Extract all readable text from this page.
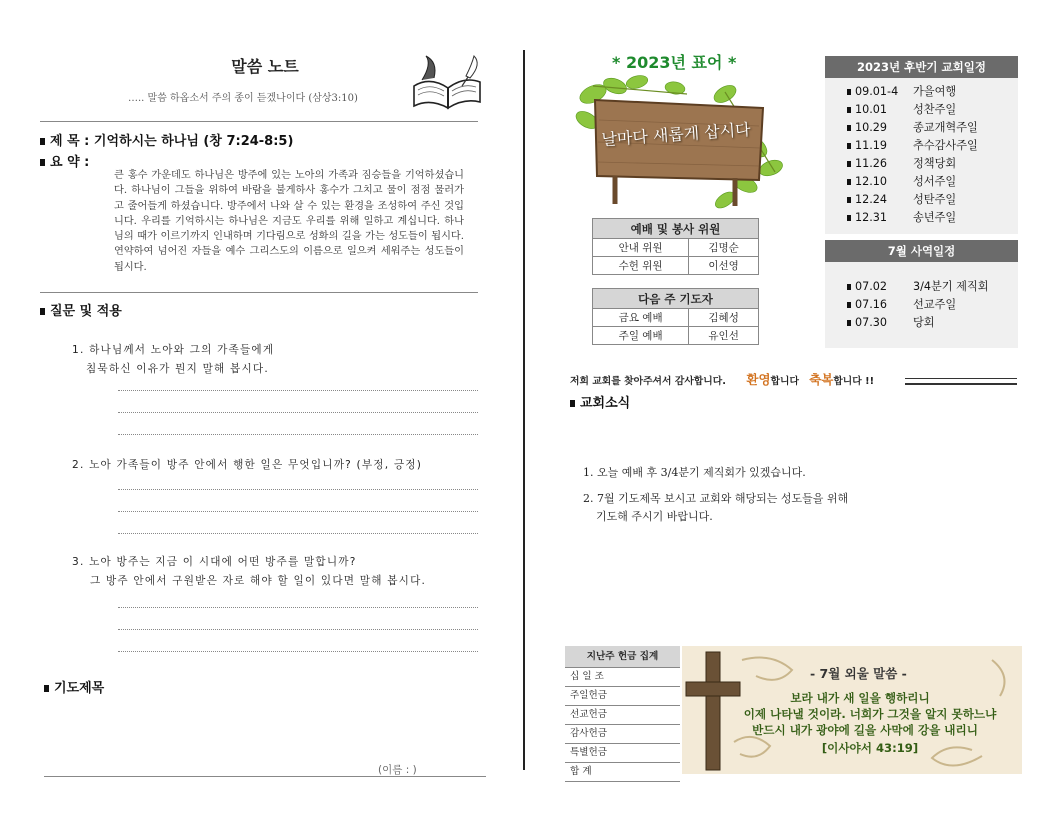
말씀 노트
….. 말씀 하옵소서 주의 종이 듣겠나이다 (삼상3:10)
제 목 : 기억하시는 하나님 (창 7:24-8:5)
요 약 :
큰 홍수 가운데도 하나님은 방주에 있는 노아의 가족과 짐승들을 기억하셨습니다. 하나님이 그들을 위하여 바람을 불게하사 홍수가 그치고 물이 점점 물러가고 줄어들게 하셨습니다. 방주에서 나와 살 수 있는 환경을 조성하여 주신 것입니다. 우리를 기억하시는 하나님은 지금도 우리를 위해 일하고 계십니다. 하나님의 때가 이르기까지 인내하며 기다림으로 성화의 길을 가는 성도들이 됩시다. 연약하여 넘어진 자들을 예수 그리스도의 이름으로 일으켜 세워주는 성도들이 됩시다.
질문 및 적용
1. 하나님께서 노아와 그의 가족들에게
침묵하신 이유가 뭔지 말해 봅시다.
2. 노아 가족들이 방주 안에서 행한 일은 무엇입니까? (부정, 긍정)
3. 노아 방주는 지금 이 시대에 어떤 방주를 말합니까?
그 방주 안에서 구원받은 자로 해야 할 일이 있다면 말해 봅시다.
기도제목
(이름 : )
* 2023년 표어 *
날마다 새롭게 삽시다
예배 및 봉사 위원	
안내 위원	김명순
수헌 위원	이선영
다음 주 기도자	
금요 예배	김혜성
주일 예배	유인선
2023년 후반기 교회일정
09.01-4 가을여행
10.01 성찬주일
10.29 종교개혁주일
11.19 추수감사주일
11.26 정책당회
12.10 성서주일
12.24 성탄주일
12.31 송년주일
7월 사역일정
07.02 3/4분기 제직회
07.16 선교주일
07.30 당회
저희 교회를 찾아주셔서 감사합니다. 환영합니다 축복합니다 !!
교회소식
1. 오늘 예배 후 3/4분기 제직회가 있겠습니다.
2. 7월 기도제목 보시고 교회와 해당되는 성도들을 위해
기도해 주시기 바랍니다.
지난주 헌금 집계
십 일 조
주일헌금
선교헌금
감사헌금
특별헌금
합 계
- 7월 외울 말씀 -
보라 내가 새 일을 행하리니
이제 나타낼 것이라. 너희가 그것을 알지 못하느냐
반드시 내가 광야에 길을 사막에 강을 내리니
[이사야서 43:19]
